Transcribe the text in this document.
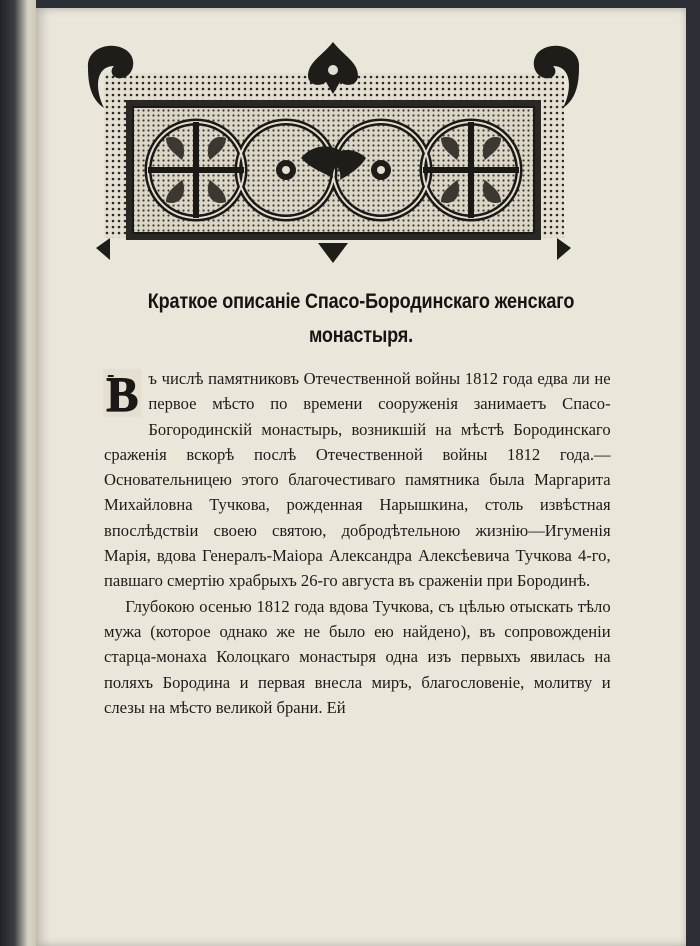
Краткое описанiе Спасо-Бородинскаго женскаго
монастыря.

В ъ числѣ памятниковъ Отечественной войны 1812 года едва ли не первое мѣсто по времени сооруженiя занимаетъ Спасо-Богородинскiй монастырь, возникшiй на мѣстѣ Бородинскаго сраженiя вскорѣ послѣ Отечественной войны 1812 года.—Основательницею этого благочестиваго памятника была Маргарита Михайловна Тучкова, рожденная Нарышкина, столь извѣстная впослѣдствiи своею святою, добродѣтельною жизнiю—Игуменiя Марiя, вдова Генералъ-Маiора Александра Алексѣевича Тучкова 4-го, павшаго смертiю храбрыхъ 26-го августа въ сраженiи при Бородинѣ.

Глубокою осенью 1812 года вдова Тучкова, съ цѣлью отыскать тѣло мужа (которое однако же не было ею найдено), въ сопровожденiи старца-монаха Колоцкаго монастыря одна изъ первыхъ явилась на поляхъ Бородина и первая внесла миръ, благословенiе, молитву и слезы на мѣсто великой брани. Ей
